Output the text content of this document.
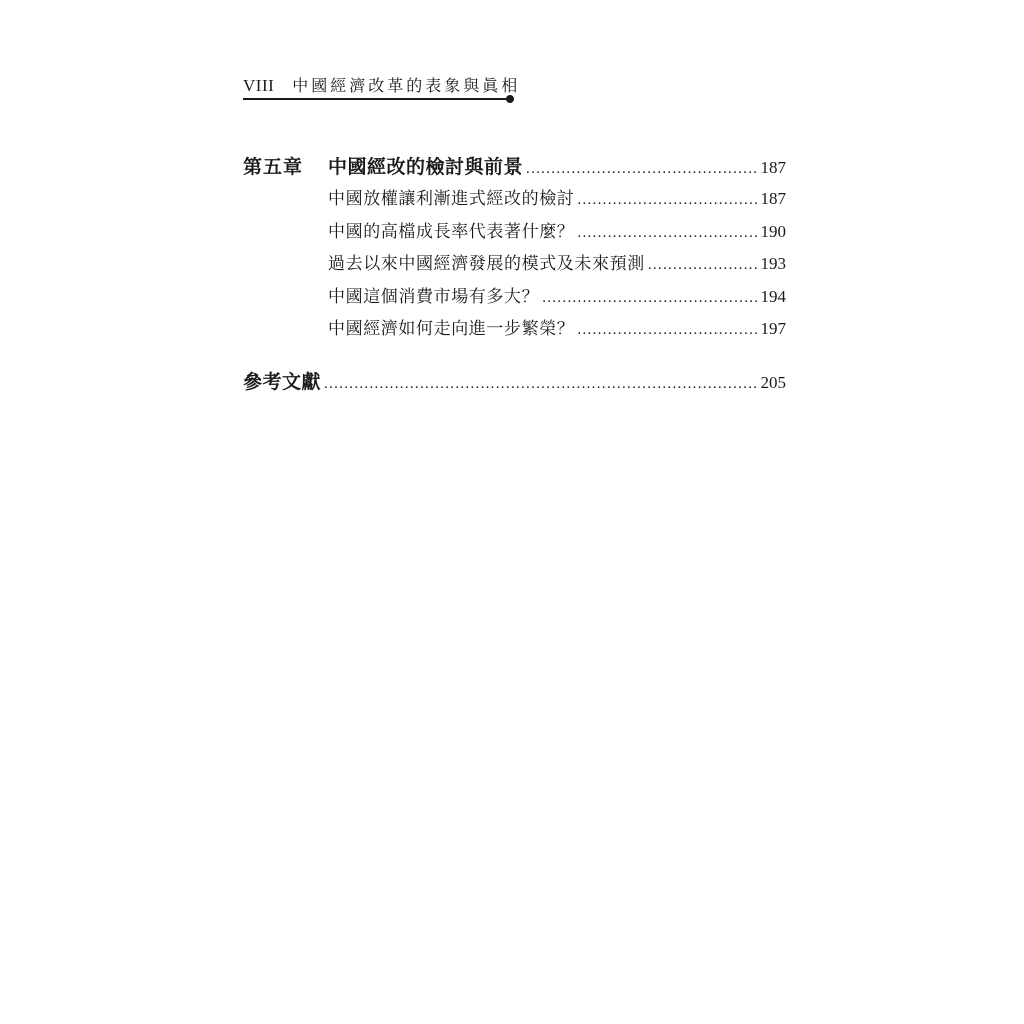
VIII 中國經濟改革的表象與眞相
第五章	中國經改的檢討與前景 .....	187
中國放權讓利漸進式經改的檢討 .....	187
中國的高檔成長率代表著什麼？ .....	190
過去以來中國經濟發展的模式及未來預測 .....	193
中國這個消費市場有多大？ .....	194
中國經濟如何走向進一步繁榮？ .....	197
參考文獻 .....	205
